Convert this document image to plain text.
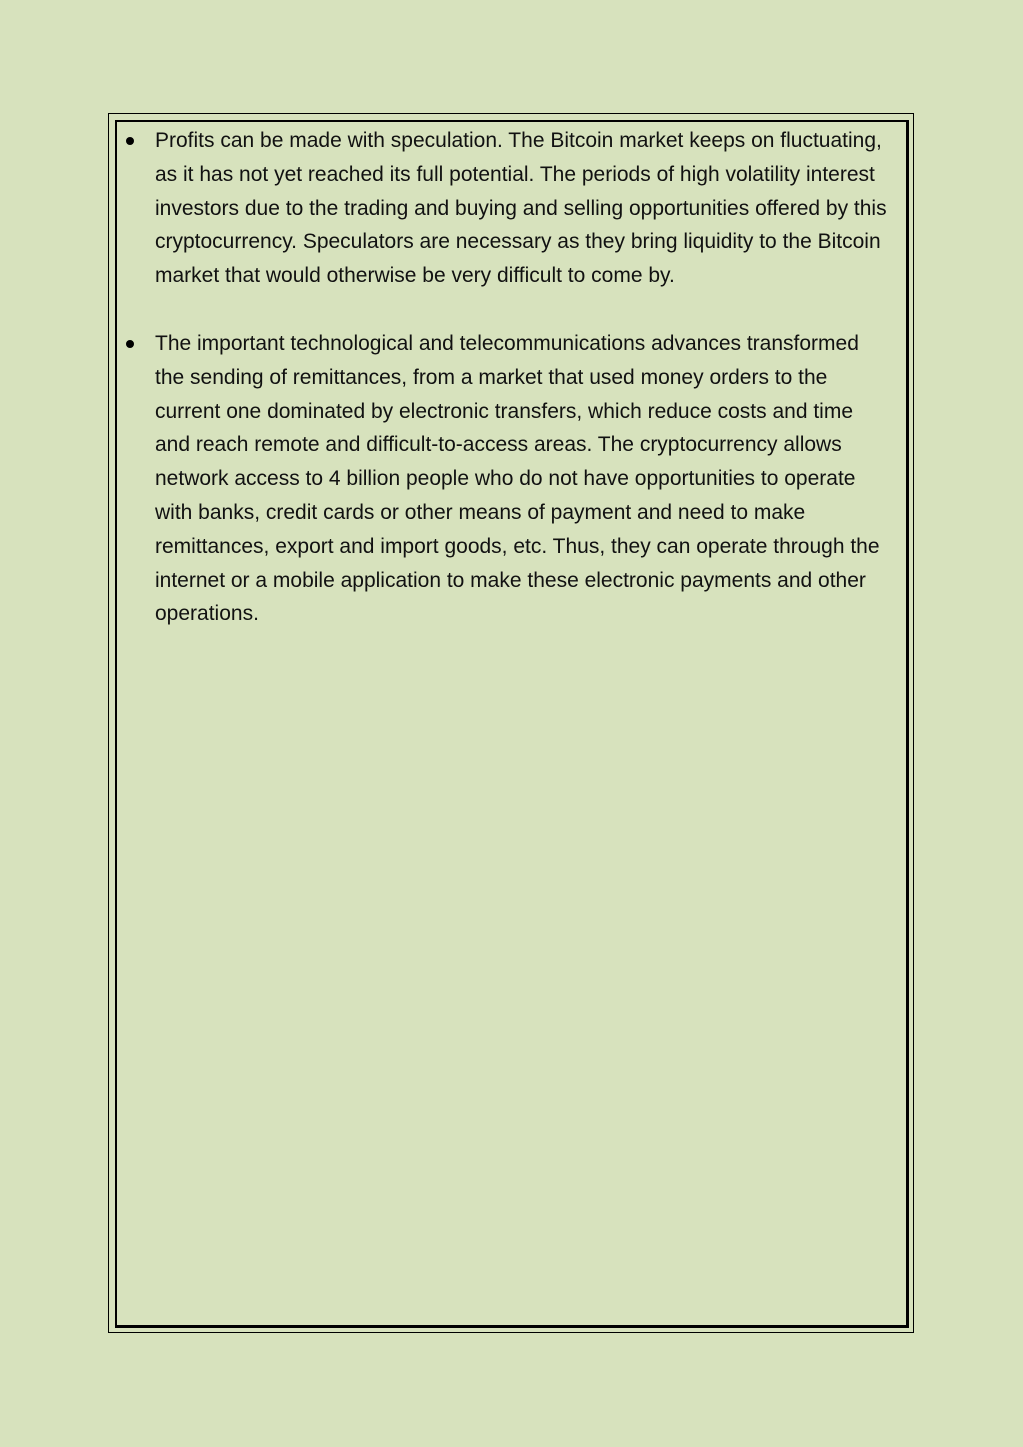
Profits can be made with speculation. The Bitcoin market keeps on fluctuating, as it has not yet reached its full potential. The periods of high volatility interest investors due to the trading and buying and selling opportunities offered by this cryptocurrency. Speculators are necessary as they bring liquidity to the Bitcoin market that would otherwise be very difficult to come by.
The important technological and telecommunications advances transformed the sending of remittances, from a market that used money orders to the current one dominated by electronic transfers, which reduce costs and time and reach remote and difficult-to-access areas. The cryptocurrency allows network access to 4 billion people who do not have opportunities to operate with banks, credit cards or other means of payment and need to make remittances, export and import goods, etc. Thus, they can operate through the internet or a mobile application to make these electronic payments and other operations.
